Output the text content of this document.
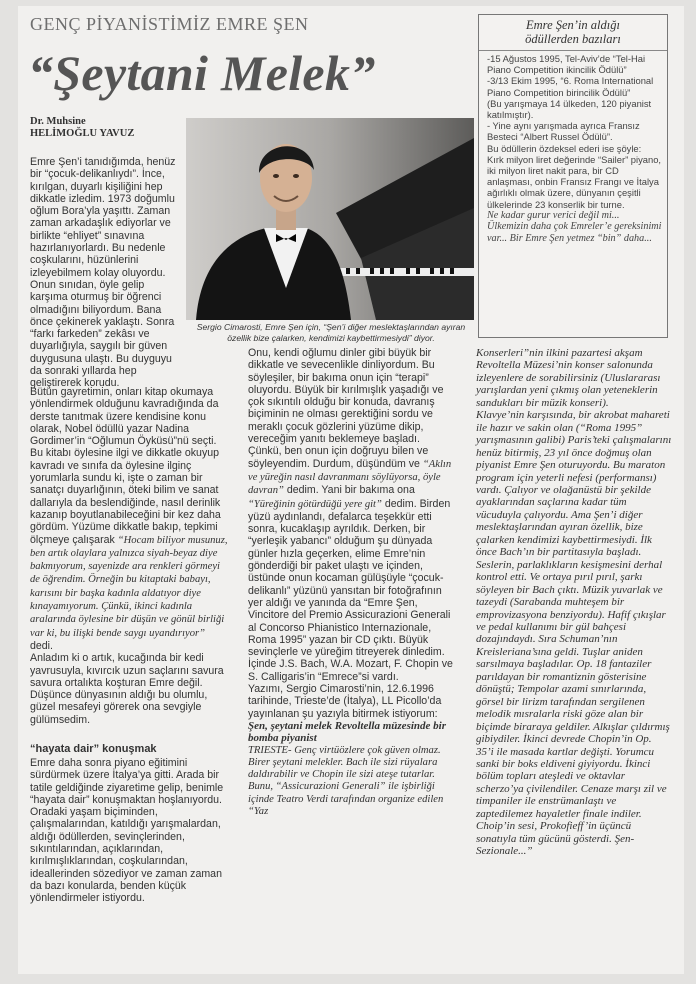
GENÇ PİYANİSTİMİZ EMRE ŞEN
“Şeytani Melek”
Dr. Muhsine
HELİMOĞLU YAVUZ
Emre Şen’in aldığı
ödüllerden bazıları

-15 Ağustos 1995, Tel-Aviv’de “Tel-Hai Piano Competition ikincilik Ödülü”

-3/13 Ekim 1995, “6. Roma International Piano Competition birincilik Ödülü”

(Bu yarışmaya 14 ülkeden, 120 piyanist katılmıştır).

- Yine aynı yarışmada ayrıca Fransız Besteci “Albert Russel Ödülü”.

Bu ödüllerin özdeksel ederi ise şöyle:

Kırk milyon liret değerinde “Sailer” piyano, iki milyon liret nakit para, bir CD anlaşması, onbin Fransız Frangı ve İtalya ağırlıklı olmak üzere, dünyanın çeşitli ülkelerinde 23 konserlik bir turne.

Ne kadar gurur verici değil mi... Ülkemizin daha çok Emreler’e gereksinimi var... Bir Emre Şen yetmez “bin” daha...

Sergio Cimarosti, Emre Şen için, “Şen’i diğer meslektaşlarından ayıran özellik bize çalarken, kendimizi kaybettirmesiydi” diyor.

Emre Şen’i tanıdığımda, henüz bir “çocuk-delikanlıydı”. İnce, kırılgan, duyarlı kişiliğini hep dikkatle izledim. 1973 doğumlu oğlum Bora’yla yaşıttı. Zaman zaman arkadaşlık ediyorlar ve birlikte “ehliyet” sınavına hazırlanıyorlardı. Bu nedenle coşkularını, hüzünlerini izleyebilmem kolay oluyordu. Onun sınıdan, öyle gelip karşıma oturmuş bir öğrenci olmadığını biliyordum. Bana önce çekinerek yaklaştı. Sonra “farkı farkeden” zekâsı ve duyarlığıyla, saygılı bir güven duygusuna ulaştı. Bu duyguyu da sonraki yıllarda hep geliştirerek korudu.

Bütün gayretimin, onları kitap okumaya yönlendirmek olduğunu kavradığında da derste tanıtmak üzere kendisine konu olarak, Nobel ödüllü yazar Nadina Gordimer’in “Oğlumun Öyküsü”nü seçti. Bu kitabı öylesine ilgi ve dikkatle okuyup kavradı ve sınıfa da öylesine ilginç yorumlarla sundu ki, işte o zaman bir sanatçı duyarlığının, öteki bilim ve sanat dallarıyla da beslendiğinde, nasıl derinlik kazanıp boyutlanabileceğini bir kez daha gördüm. Yüzüme dikkatle bakıp, tepkimi ölçmeye çalışarak “Hocam biliyor musunuz, ben artık olaylara yalnızca siyah-beyaz diye bakmıyorum, sayenizde ara renkleri görmeyi de öğrendim. Örneğin bu kitaptaki babayı, karısını bir başka kadınla aldatıyor diye kınayamıyorum. Çünkü, ikinci kadınla aralarında öylesine bir düşün ve gönül birliği var ki, bu ilişki bende saygı uyandırıyor” dedi.

Anladım ki o artık, kucağında bir kedi yavrusuyla, kıvırcık uzun saçlarını savura savura ortalıkta koşturan Emre değil. Düşünce dünyasının aldığı bu olumlu, güzel mesafeyi görerek ona sevgiyle gülümsedim.

“hayata dair” konuşmak

Emre daha sonra piyano eğitimini sürdürmek üzere İtalya’ya gitti. Arada bir tatile geldiğinde ziyaretime gelip, benimle “hayata dair” konuşmaktan hoşlanıyordu. Oradaki yaşam biçiminden, çalışmalarından, katıldığı yarışmalardan, aldığı ödüllerden, sevinçlerinden, sıkıntılarından, açıklarından, kırılmışlıklarından, coşkularından, ideallerinden sözediyor ve zaman zaman da bazı konularda, benden küçük yönlendirmeler istiyordu.

Onu, kendi oğlumu dinler gibi büyük bir dikkatle ve sevecenlikle dinliyordum. Bu söyleşiler, bir bakıma onun için “terapi” oluyordu. Büyük bir kırılmışlık yaşadığı ve çok sıkıntılı olduğu bir konuda, davranış biçiminin ne olması gerektiğini sordu ve meraklı çocuk gözlerini yüzüme dikip, vereceğim yanıtı beklemeye başladı. Çünkü, ben onun için doğruyu bilen ve söyleyendim. Durdum, düşündüm ve “Aklın ve yüreğin nasıl davranmanı söylüyorsa, öyle davran” dedim. Yani bir bakıma ona “Yüreğinin götürdüğü yere git” dedim. Birden yüzü aydınlandı, defalarca teşekkür etti sonra, kucaklaşıp ayrıldık. Derken, bir “yerleşik yabancı” olduğum şu dünyada günler hızla geçerken, elime Emre’nin gönderdiği bir paket ulaştı ve içinden, üstünde onun kocaman gülüşüyle “çocuk-delikanlı” yüzünü yansıtan bir fotoğrafının yer aldığı ve yanında da “Emre Şen, Vincitore del Premio Assicurazioni Generali al Concorso Phianistico Internazionale, Roma 1995” yazan bir CD çıktı. Büyük sevinçlerle ve yüreğim titreyerek dinledim. İçinde J.S. Bach, W.A. Mozart, F. Chopin ve S. Calligaris’in “Emrece”si vardı.

Yazımı, Sergio Cimarosti’nin, 12.6.1996 tarihinde, Trieste’de (İtalya), LL Picollo’da yayınlanan şu yazıyla bitirmek istiyorum:

Şen, şeytani melek Revoltella müzesinde bir bomba piyanist

TRIESTE- Genç virtüözlere çok güven olmaz. Birer şeytani melekler. Bach ile sizi rüyalara daldırabilir ve Chopin ile sizi ateşe tutarlar. Bunu, “Assicurazioni Generali” ile işbirliği içinde Teatro Verdi tarafından organize edilen “Yaz

Konserleri”nin ilkini pazartesi akşam Revoltella Müzesi’nin konser salonunda izleyenlere de sorabilirsiniz (Uluslararası yarışlardan yeni çıkmış olan yeteneklerin sandukları bir müzik konseri).

Klavye’nin karşısında, bir akrobat mahareti ile hazır ve sakin olan (“Roma 1995” yarışmasının galibi) Paris’teki çalışmalarını henüz bitirmiş, 23 yıl önce doğmuş olan piyanist Emre Şen oturuyordu. Bu maraton program için yeterli nefesi (performansı) vardı. Çalıyor ve olağanüstü bir şekilde ayaklarından saçlarına kadar tüm vücuduyla çalıyordu. Ama Şen’i diğer meslektaşlarından ayıran özellik, bize çalarken kendimizi kaybettirmesiydi. İlk önce Bach’ın bir partitasıyla başladı. Seslerin, parlaklıkların kesişmesini derhal kontrol etti. Ve ortaya pırıl pırıl, şarkı söyleyen bir Bach çıktı. Müzik yuvarlak ve tazeydi (Sarabanda muhteşem bir emprovizasyona benziyordu). Hafif çıkışlar ve pedal kullanımı bir gül bahçesi dozajındaydı. Sıra Schuman’nın Kreisleriana’sına geldi. Tuşlar aniden sarsılmaya başladılar. Op. 18 fantaziler parıldayan bir romantiznin gösterisine dönüştü; Tempolar azami sınırlarında, görsel bir lirizm tarafından sergilenen melodik mısralarla riski göze alan bir biçimde biraraya geldiler. Alkışlar çıldırmış gibiydiler. İkinci devrede Chopin’in Op. 35’i ile masada kartlar değişti. Yorumcu sanki bir boks eldiveni giyiyordu. İkinci bölüm topları ateşledi ve oktavlar scherzo’ya çivilendiler. Cenaze marşı zil ve timpaniler ile enstrümanlaştı ve zaptedilemez hayaletler finale indiler. Choip’in sesi, Prokofieff’in üçüncü sonatıyla tüm gücünü gösterdi. Şen-Sezionale...”
